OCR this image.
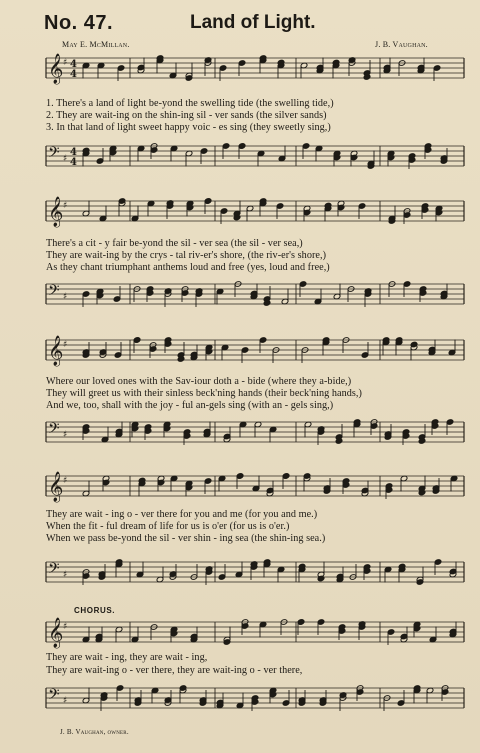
No. 47.	Land of Light.
May E. McMillan.	J. B. Vaughan.
𝄞 ♯ 4
4
1. There's a land of light be-yond the swelling tide (the swelling tide,)
2. They are wait-ing on the shin-ing sil - ver sands (the silver sands)
3. In that land of light sweet happy voic - es sing (they sweetly sing,)
𝄢 ♯
4
4
𝄞 ♯
There's a cit - y fair be-yond the sil - ver sea (the sil - ver sea,)
They are wait-ing by the crys - tal riv-er's shore, (the riv-er's shore,)
As they chant triumphant anthems loud and free (yes, loud and free,)
𝄢 ♯
𝄞 ♯
Where our loved ones with the Sav-iour doth a - bide (where they a-bide,)
They will greet us with their sinless beck'ning hands (their beck'ning hands,)
And we, too, shall with the joy - ful an-gels sing (with an - gels sing,)
𝄢 ♯
𝄞 ♯
They are wait - ing o - ver there for you and me (for you and me.)
When the fit - ful dream of life for us is o'er (for us is o'er.)
When we pass be-yond the sil - ver shin - ing sea (the shin-ing sea.)
𝄢 ♯
CHORUS.
𝄞 ♯
They are wait - ing, they are wait - ing,
They are wait-ing o - ver there, they are wait-ing o - ver there,
𝄢 ♯
J. B. Vaughan, owner.
